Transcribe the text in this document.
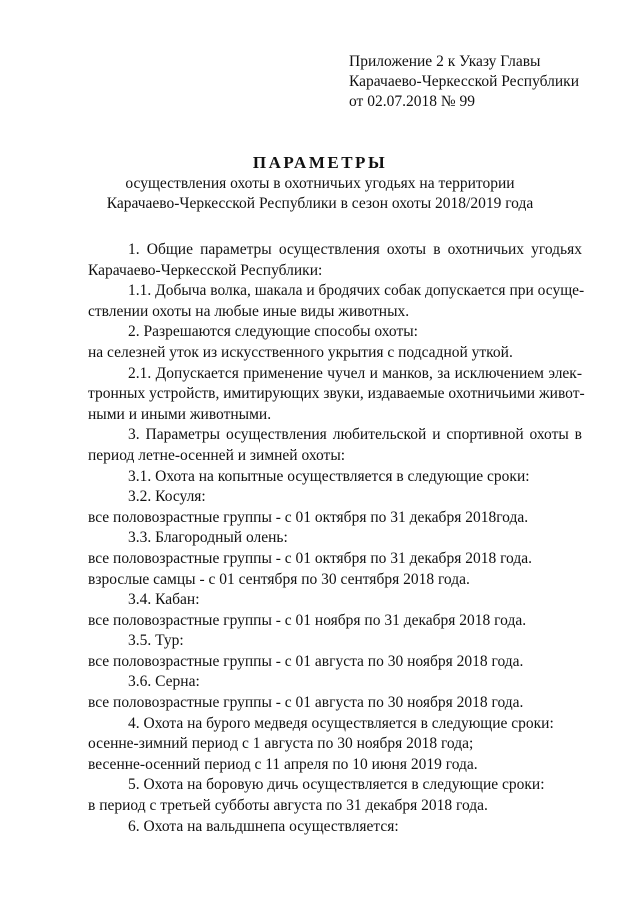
Приложение 2 к Указу Главы
Карачаево-Черкесской Республики
от 02.07.2018 № 99
ПАРАМЕТРЫ
осуществления охоты в охотничьих угодьях на территории
Карачаево-Черкесской Республики в сезон охоты 2018/2019 года
1. Общие параметры осуществления охоты в охотничьих угодьях
Карачаево-Черкесской Республики:
1.1. Добыча волка, шакала и бродячих собак допускается при осуще-
ствлении охоты на любые иные виды животных.
2. Разрешаются следующие способы охоты:
на селезней уток из искусственного укрытия с подсадной уткой.
2.1. Допускается применение чучел и манков, за исключением элек-
тронных устройств, имитирующих звуки, издаваемые охотничьими живот-
ными и иными животными.
3. Параметры осуществления любительской и спортивной охоты в
период летне-осенней и зимней охоты:
3.1. Охота на копытные осуществляется в следующие сроки:
3.2. Косуля:
все половозрастные группы - с 01 октября по 31 декабря 2018года.
3.3. Благородный олень:
все половозрастные группы - с 01 октября по 31 декабря 2018 года.
взрослые самцы - с 01 сентября по 30 сентября 2018 года.
3.4. Кабан:
все половозрастные группы - с 01 ноября по 31 декабря 2018 года.
3.5. Тур:
все половозрастные группы - с 01 августа по 30 ноября 2018 года.
3.6. Серна:
все половозрастные группы - с 01 августа по 30 ноября 2018 года.
4. Охота на бурого медведя осуществляется в следующие сроки:
осенне-зимний период с 1 августа по 30 ноября 2018 года;
весенне-осенний период с 11 апреля по 10 июня 2019 года.
5. Охота на боровую дичь осуществляется в следующие сроки:
в период с третьей субботы августа по 31 декабря 2018 года.
6. Охота на вальдшнепа осуществляется:
